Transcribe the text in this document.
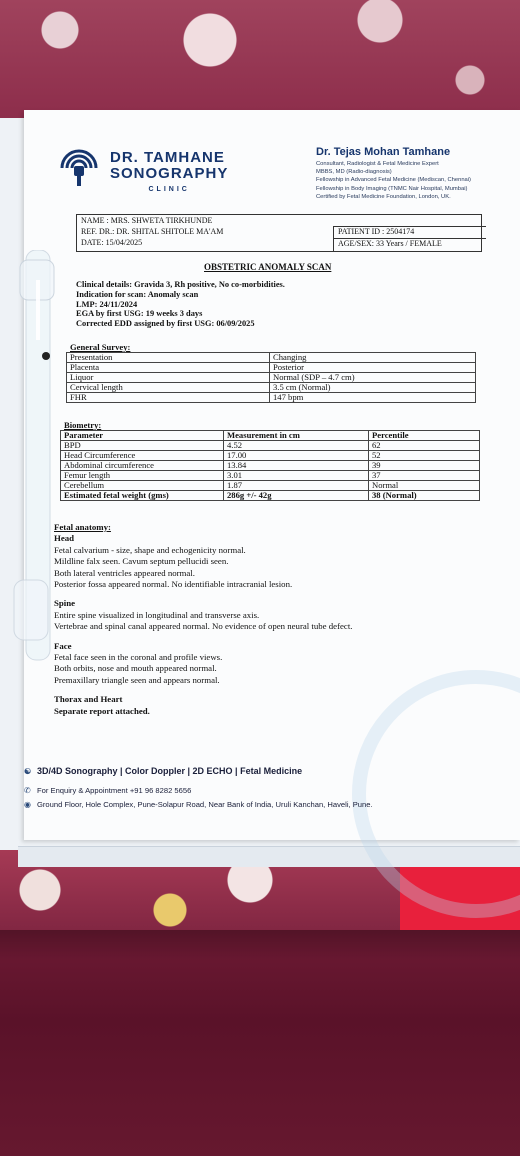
DR. TAMHANE
SONOGRAPHY
CLINIC
Dr. Tejas Mohan Tamhane
Consultant, Radiologist & Fetal Medicine Expert
MBBS, MD (Radio-diagnosis)
Fellowship in Advanced Fetal Medicine (Mediscan, Chennai)
Fellowship in Body Imaging (TNMC Nair Hospital, Mumbai)
Certified by Fetal Medicine Foundation, London, UK.
NAME : MRS. SHWETA TIRKHUNDE
REF. DR.: DR. SHITAL SHITOLE MA'AM
DATE: 15/04/2025
PATIENT ID : 2504174
AGE/SEX: 33 Years / FEMALE
OBSTETRIC ANOMALY SCAN
Clinical details: Gravida 3, Rh positive, No co-morbidities.
Indication for scan: Anomaly scan
LMP: 24/11/2024
EGA by first USG: 19 weeks 3 days
Corrected EDD assigned by first USG: 06/09/2025
General Survey:
Presentation	Changing
Placenta	Posterior
Liquor	Normal (SDP – 4.7 cm)
Cervical length	3.5 cm (Normal)
FHR	147 bpm
Biometry:
Parameter	Measurement in cm	Percentile
BPD	4.52	62
Head Circumference	17.00	52
Abdominal circumference	13.84	39
Femur length	3.01	37
Cerebellum	1.87	Normal
Estimated fetal weight (gms)	286g +/- 42g	38 (Normal)
Fetal anatomy:
Head
Fetal calvarium - size, shape and echogenicity normal.
Mildline falx seen. Cavum septum pellucidi seen.
Both lateral ventricles appeared normal.
Posterior fossa appeared normal. No identifiable intracranial lesion.
Spine
Entire spine visualized in longitudinal and transverse axis.
Vertebrae and spinal canal appeared normal. No evidence of open neural tube defect.
Face
Fetal face seen in the coronal and profile views.
Both orbits, nose and mouth appeared normal.
Premaxillary triangle seen and appears normal.
Thorax and Heart
Separate report attached.
☯ 3D/4D Sonography | Color Doppler | 2D ECHO | Fetal Medicine
✆ For Enquiry & Appointment +91 96 8282 5656
◉ Ground Floor, Hole Complex, Pune-Solapur Road, Near Bank of India, Uruli Kanchan, Haveli, Pune.
